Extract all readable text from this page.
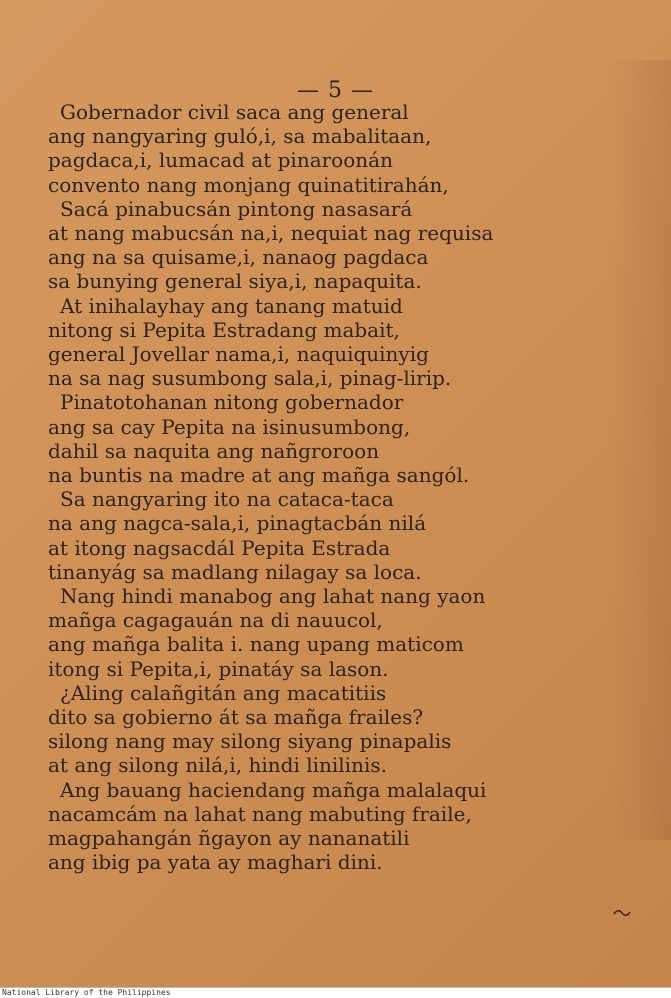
— 5 —
Gobernador civil saca ang general
ang nangyaring guló,i, sa mabalitaan,
pagdaca,i, lumacad at pinaroonán
convento nang monjang quinatitirahán,
Sacá pinabucsán pintong nasasará
at nang mabucsán na,i, nequiat nag requisa
ang na sa quisame,i, nanaog pagdaca
sa bunying general siya,i, napaquita.
At inihalayhay ang tanang matuid
nitong si Pepita Estradang mabait,
general Jovellar nama,i, naquiquinyig
na sa nag susumbong sala,i, pinag-lirip.
Pinatotohanan nitong gobernador
ang sa cay Pepita na isinusumbong,
dahil sa naquita ang nañgroroon
na buntis na madre at ang mañga sangól.
Sa nangyaring ito na cataca-taca
na ang nagca-sala,i, pinagtacbán nilá
at itong nagsacdál Pepita Estrada
tinanyág sa madlang nilagay sa loca.
Nang hindi manabog ang lahat nang yaon
mañga cagagauán na di nauucol,
ang mañga balita i. nang upang maticom
itong si Pepita,i, pinatáy sa lason.
¿Aling calañgitán ang macatitiis
dito sa gobierno át sa mañga frailes?
silong nang may silong siyang pinapalis
at ang silong nilá,i, hindi linilinis.
Ang bauang haciendang mañga malalaqui
nacamcám na lahat nang mabuting fraile,
magpahangán ñgayon ay nananatili
ang ibig pa yata ay maghari dini.
National Library of the Philippines
